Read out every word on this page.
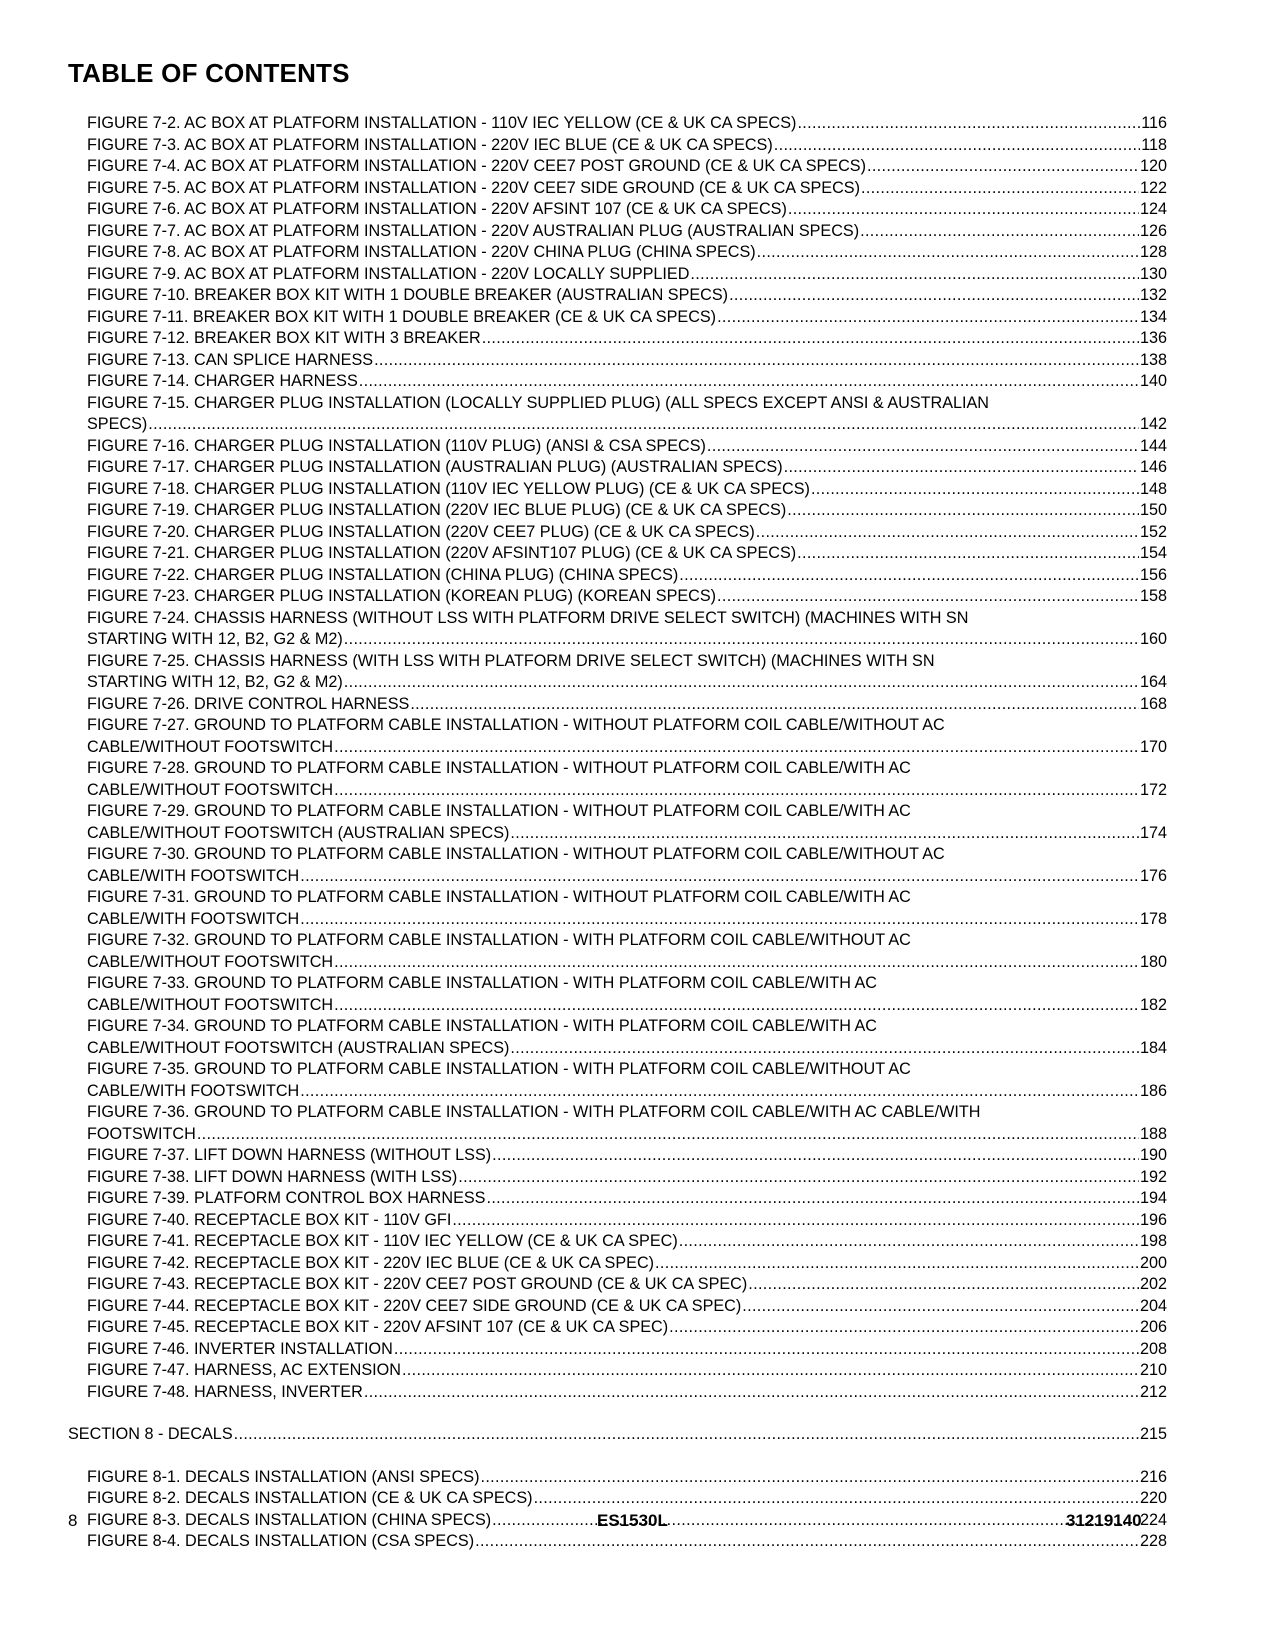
TABLE OF CONTENTS
FIGURE 7-2. AC BOX AT PLATFORM INSTALLATION - 110V IEC YELLOW (CE & UK CA SPECS) .....	116
FIGURE 7-3. AC BOX AT PLATFORM INSTALLATION - 220V IEC BLUE (CE & UK CA SPECS) .....	118
FIGURE 7-4. AC BOX AT PLATFORM INSTALLATION - 220V CEE7 POST GROUND (CE & UK CA SPECS) .....	120
FIGURE 7-5. AC BOX AT PLATFORM INSTALLATION - 220V CEE7 SIDE GROUND (CE & UK CA SPECS) .....	122
FIGURE 7-6. AC BOX AT PLATFORM INSTALLATION - 220V AFSINT 107 (CE & UK CA SPECS) .....	124
FIGURE 7-7. AC BOX AT PLATFORM INSTALLATION - 220V AUSTRALIAN PLUG (AUSTRALIAN SPECS) .....	126
FIGURE 7-8. AC BOX AT PLATFORM INSTALLATION - 220V CHINA PLUG (CHINA SPECS) .....	128
FIGURE 7-9. AC BOX AT PLATFORM INSTALLATION - 220V LOCALLY SUPPLIED .....	130
FIGURE 7-10. BREAKER BOX KIT WITH 1 DOUBLE BREAKER (AUSTRALIAN SPECS) .....	132
FIGURE 7-11. BREAKER BOX KIT WITH 1 DOUBLE BREAKER (CE & UK CA SPECS) .....	134
FIGURE 7-12. BREAKER BOX KIT WITH 3 BREAKER .....	136
FIGURE 7-13. CAN SPLICE HARNESS .....	138
FIGURE 7-14. CHARGER HARNESS .....	140
FIGURE 7-15. CHARGER PLUG INSTALLATION (LOCALLY SUPPLIED PLUG) (ALL SPECS EXCEPT ANSI & AUSTRALIAN
SPECS) .....	142
FIGURE 7-16. CHARGER PLUG INSTALLATION (110V PLUG) (ANSI & CSA SPECS) .....	144
FIGURE 7-17. CHARGER PLUG INSTALLATION (AUSTRALIAN PLUG) (AUSTRALIAN SPECS) .....	146
FIGURE 7-18. CHARGER PLUG INSTALLATION (110V IEC YELLOW PLUG) (CE & UK CA SPECS) .....	148
FIGURE 7-19. CHARGER PLUG INSTALLATION (220V IEC BLUE PLUG) (CE & UK CA SPECS) .....	150
FIGURE 7-20. CHARGER PLUG INSTALLATION (220V CEE7 PLUG) (CE & UK CA SPECS) .....	152
FIGURE 7-21. CHARGER PLUG INSTALLATION (220V AFSINT107 PLUG) (CE & UK CA SPECS) .....	154
FIGURE 7-22. CHARGER PLUG INSTALLATION (CHINA PLUG) (CHINA SPECS) .....	156
FIGURE 7-23. CHARGER PLUG INSTALLATION (KOREAN PLUG) (KOREAN SPECS) .....	158
FIGURE 7-24. CHASSIS HARNESS (WITHOUT LSS WITH PLATFORM DRIVE SELECT SWITCH) (MACHINES WITH SN
STARTING WITH 12, B2, G2 & M2) .....	160
FIGURE 7-25. CHASSIS HARNESS (WITH LSS WITH PLATFORM DRIVE SELECT SWITCH) (MACHINES WITH SN
STARTING WITH 12, B2, G2 & M2) .....	164
FIGURE 7-26. DRIVE CONTROL HARNESS .....	168
FIGURE 7-27. GROUND TO PLATFORM CABLE INSTALLATION - WITHOUT PLATFORM COIL CABLE/WITHOUT AC
CABLE/WITHOUT FOOTSWITCH .....	170
FIGURE 7-28. GROUND TO PLATFORM CABLE INSTALLATION - WITHOUT PLATFORM COIL CABLE/WITH AC
CABLE/WITHOUT FOOTSWITCH .....	172
FIGURE 7-29. GROUND TO PLATFORM CABLE INSTALLATION - WITHOUT PLATFORM COIL CABLE/WITH AC
CABLE/WITHOUT FOOTSWITCH (AUSTRALIAN SPECS) .....	174
FIGURE 7-30. GROUND TO PLATFORM CABLE INSTALLATION - WITHOUT PLATFORM COIL CABLE/WITHOUT AC
CABLE/WITH FOOTSWITCH .....	176
FIGURE 7-31. GROUND TO PLATFORM CABLE INSTALLATION - WITHOUT PLATFORM COIL CABLE/WITH AC
CABLE/WITH FOOTSWITCH .....	178
FIGURE 7-32. GROUND TO PLATFORM CABLE INSTALLATION - WITH PLATFORM COIL CABLE/WITHOUT AC
CABLE/WITHOUT FOOTSWITCH .....	180
FIGURE 7-33. GROUND TO PLATFORM CABLE INSTALLATION - WITH PLATFORM COIL CABLE/WITH AC
CABLE/WITHOUT FOOTSWITCH .....	182
FIGURE 7-34. GROUND TO PLATFORM CABLE INSTALLATION - WITH PLATFORM COIL CABLE/WITH AC
CABLE/WITHOUT FOOTSWITCH (AUSTRALIAN SPECS) .....	184
FIGURE 7-35. GROUND TO PLATFORM CABLE INSTALLATION - WITH PLATFORM COIL CABLE/WITHOUT AC
CABLE/WITH FOOTSWITCH .....	186
FIGURE 7-36. GROUND TO PLATFORM CABLE INSTALLATION - WITH PLATFORM COIL CABLE/WITH AC CABLE/WITH
FOOTSWITCH .....	188
FIGURE 7-37. LIFT DOWN HARNESS (WITHOUT LSS) .....	190
FIGURE 7-38. LIFT DOWN HARNESS (WITH LSS) .....	192
FIGURE 7-39. PLATFORM CONTROL BOX HARNESS .....	194
FIGURE 7-40. RECEPTACLE BOX KIT - 110V GFI .....	196
FIGURE 7-41. RECEPTACLE BOX KIT - 110V IEC YELLOW (CE & UK CA SPEC) .....	198
FIGURE 7-42. RECEPTACLE BOX KIT - 220V IEC BLUE (CE & UK CA SPEC) .....	200
FIGURE 7-43. RECEPTACLE BOX KIT - 220V CEE7 POST GROUND (CE & UK CA SPEC) .....	202
FIGURE 7-44. RECEPTACLE BOX KIT - 220V CEE7 SIDE GROUND (CE & UK CA SPEC) .....	204
FIGURE 7-45. RECEPTACLE BOX KIT - 220V AFSINT 107 (CE & UK CA SPEC) .....	206
FIGURE 7-46. INVERTER INSTALLATION .....	208
FIGURE 7-47. HARNESS, AC EXTENSION .....	210
FIGURE 7-48. HARNESS, INVERTER .....	212
SECTION 8 - DECALS .....	215
FIGURE 8-1. DECALS INSTALLATION (ANSI SPECS) .....	216
FIGURE 8-2. DECALS INSTALLATION (CE & UK CA SPECS) .....	220
FIGURE 8-3. DECALS INSTALLATION (CHINA SPECS) .....	224
FIGURE 8-4. DECALS INSTALLATION (CSA SPECS) .....	228
8	ES1530L	31219140
